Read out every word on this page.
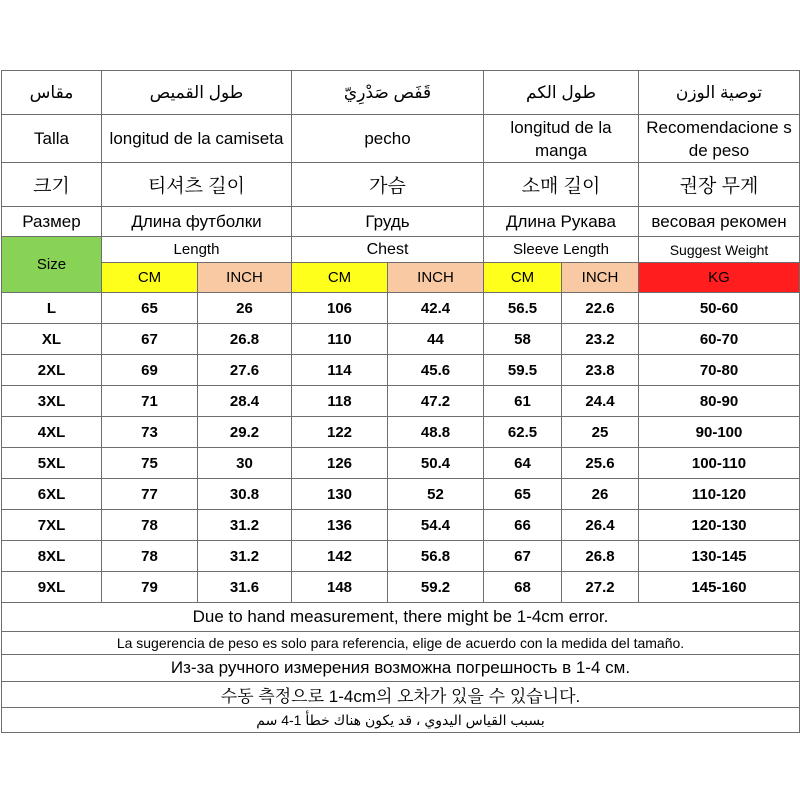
مقاس	طول القميص		قَفَص صَدْرِيّ		طول الكم		توصية الوزن
Talla	longitud de la camiseta		pecho		longitud de la manga		Recomendacione s de peso
크기	티셔츠 길이		가슴		소매 길이		권장 무게
Размер	Длина футболки		Грудь		Длина Рукава		весовая рекомен
Size	Length		Chest		Sleeve Length		Suggest Weight
	CM	INCH	CM	INCH	CM	INCH	KG
L	65	26	106	42.4	56.5	22.6	50-60
XL	67	26.8	110	44	58	23.2	60-70
2XL	69	27.6	114	45.6	59.5	23.8	70-80
3XL	71	28.4	118	47.2	61	24.4	80-90
4XL	73	29.2	122	48.8	62.5	25	90-100
5XL	75	30	126	50.4	64	25.6	100-110
6XL	77	30.8	130	52	65	26	110-120
7XL	78	31.2	136	54.4	66	26.4	120-130
8XL	78	31.2	142	56.8	67	26.8	130-145
9XL	79	31.6	148	59.2	68	27.2	145-160
Due to hand measurement, there might be 1-4cm error.							
La sugerencia de peso es solo para referencia, elige de acuerdo con la medida del tamaño.							
Из-за ручного измерения возможна погрешность в 1-4 см.							
수동 측정으로 1-4cm의 오차가 있을 수 있습니다.							
بسبب القياس اليدوي ، قد يكون هناك خطأ 1-4 سم							
